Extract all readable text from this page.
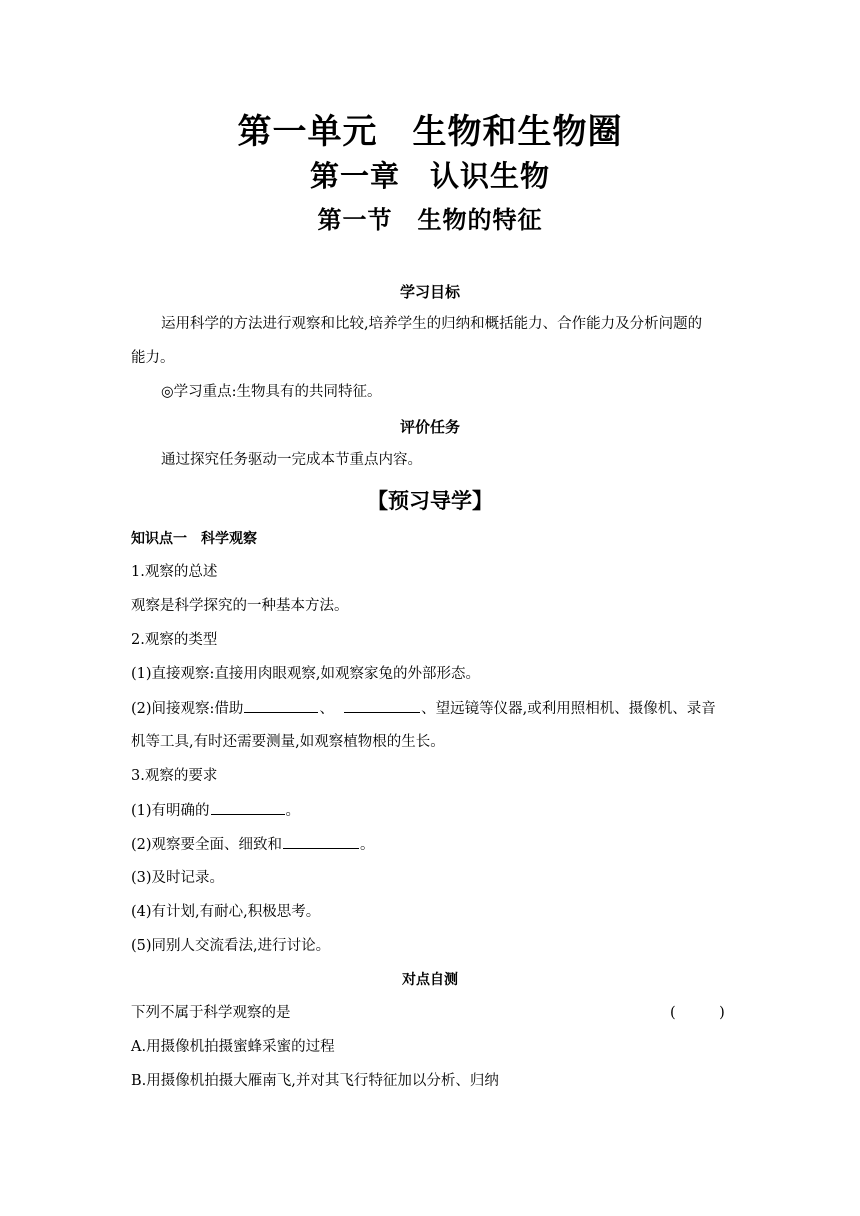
第一单元　生物和生物圈
第一章　认识生物
第一节　生物的特征
学习目标
运用科学的方法进行观察和比较,培养学生的归纳和概括能力、合作能力及分析问题的
能力。
◎学习重点:生物具有的共同特征。
评价任务
通过探究任务驱动一完成本节重点内容。
【预习导学】
知识点一　科学观察
1.观察的总述
观察是科学探究的一种基本方法。
2.观察的类型
(1)直接观察:直接用肉眼观察,如观察家兔的外部形态。
(2)间接观察:借助	、	、望远镜等仪器,或利用照相机、摄像机、录音
机等工具,有时还需要测量,如观察植物根的生长。
3.观察的要求
(1)有明确的	。
(2)观察要全面、细致和	。
(3)及时记录。
(4)有计划,有耐心,积极思考。
(5)同别人交流看法,进行讨论。
对点自测
下列不属于科学观察的是	(　　　)
A.用摄像机拍摄蜜蜂采蜜的过程
B.用摄像机拍摄大雁南飞,并对其飞行特征加以分析、归纳
